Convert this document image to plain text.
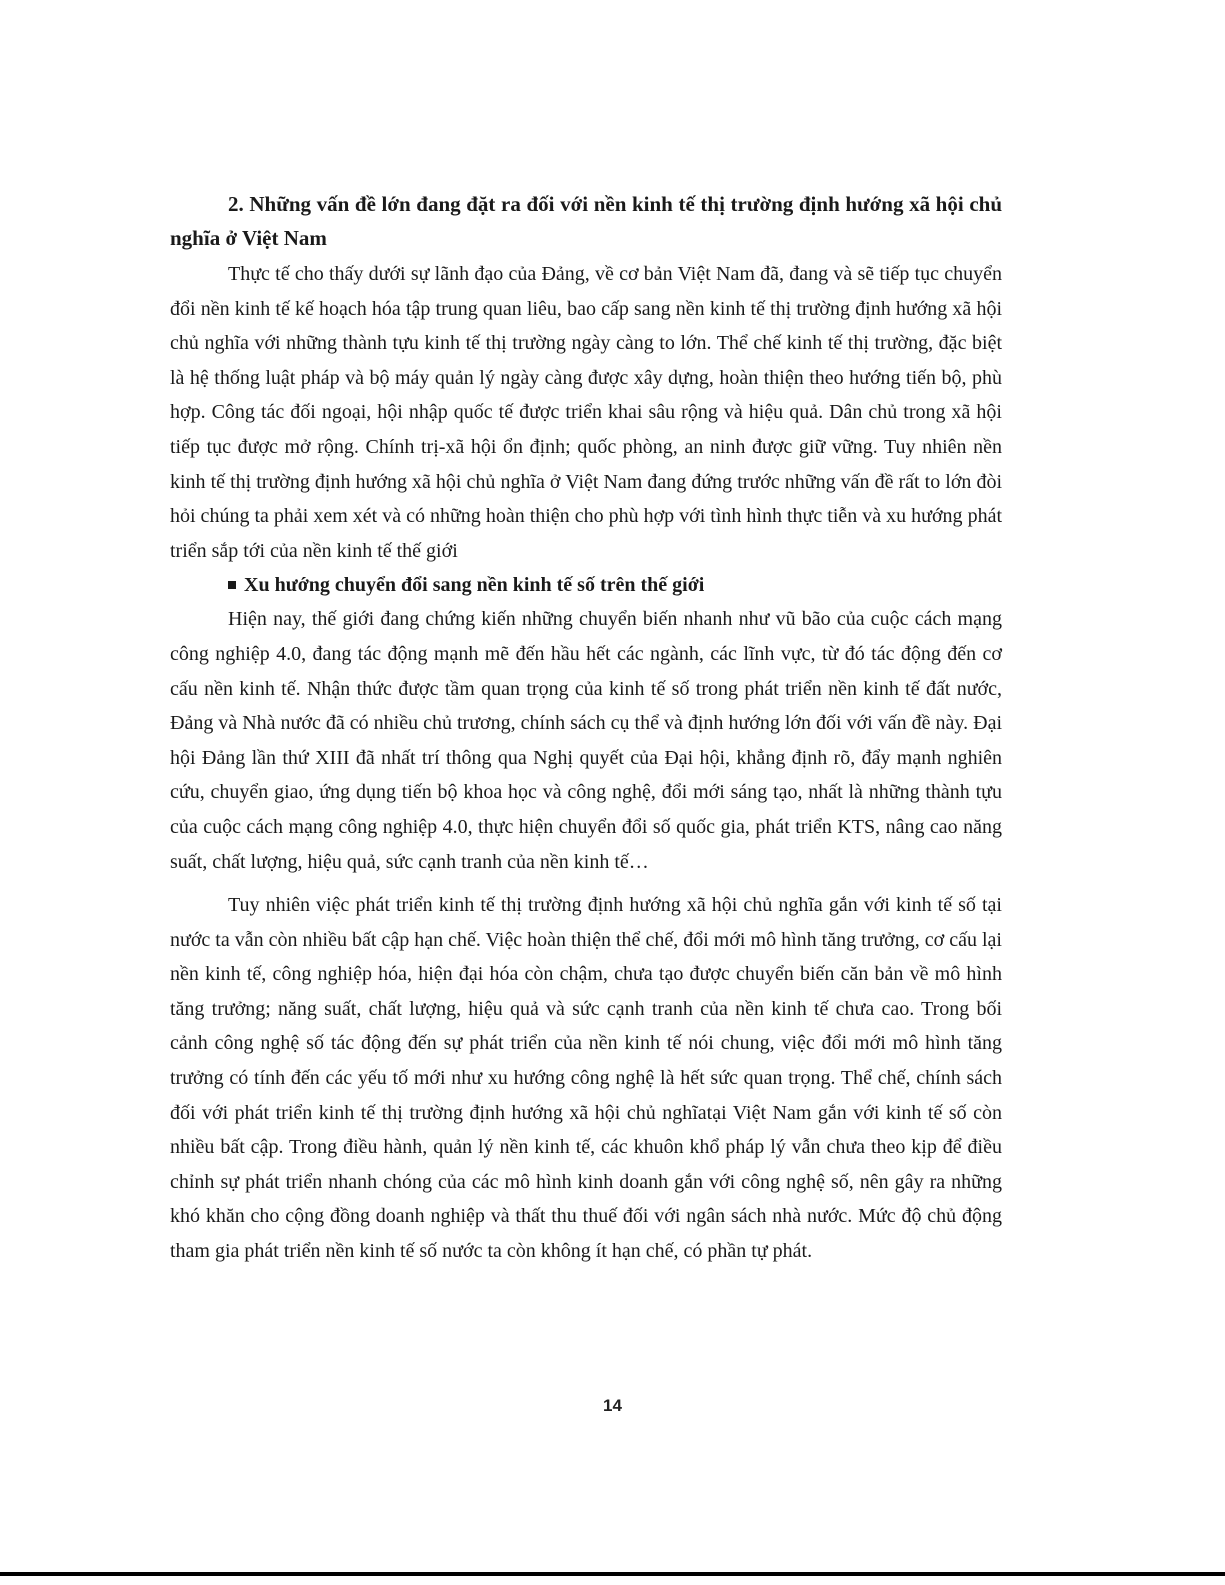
2. Những vấn đề lớn đang đặt ra đối với nền kinh tế thị trường định hướng xã hội chủ nghĩa ở Việt Nam

Thực tế cho thấy dưới sự lãnh đạo của Đảng, về cơ bản Việt Nam đã, đang và sẽ tiếp tục chuyển đổi nền kinh tế kế hoạch hóa tập trung quan liêu, bao cấp sang nền kinh tế thị trường định hướng xã hội chủ nghĩa với những thành tựu kinh tế thị trường ngày càng to lớn. Thể chế kinh tế thị trường, đặc biệt là hệ thống luật pháp và bộ máy quản lý ngày càng được xây dựng, hoàn thiện theo hướng tiến bộ, phù hợp. Công tác đối ngoại, hội nhập quốc tế được triển khai sâu rộng và hiệu quả. Dân chủ trong xã hội tiếp tục được mở rộng. Chính trị-xã hội ổn định; quốc phòng, an ninh được giữ vững. Tuy nhiên nền kinh tế thị trường định hướng xã hội chủ nghĩa ở Việt Nam đang đứng trước những vấn đề rất to lớn đòi hỏi chúng ta phải xem xét và có những hoàn thiện cho phù hợp với tình hình thực tiễn và xu hướng phát triển sắp tới của nền kinh tế thế giới

Xu hướng chuyển đổi sang nền kinh tế số trên thế giới

Hiện nay, thế giới đang chứng kiến những chuyển biến nhanh như vũ bão của cuộc cách mạng công nghiệp 4.0, đang tác động mạnh mẽ đến hầu hết các ngành, các lĩnh vực, từ đó tác động đến cơ cấu nền kinh tế. Nhận thức được tầm quan trọng của kinh tế số trong phát triển nền kinh tế đất nước, Đảng và Nhà nước đã có nhiều chủ trương, chính sách cụ thể và định hướng lớn đối với vấn đề này. Đại hội Đảng lần thứ XIII đã nhất trí thông qua Nghị quyết của Đại hội, khẳng định rõ, đẩy mạnh nghiên cứu, chuyển giao, ứng dụng tiến bộ khoa học và công nghệ, đổi mới sáng tạo, nhất là những thành tựu của cuộc cách mạng công nghiệp 4.0, thực hiện chuyển đổi số quốc gia, phát triển KTS, nâng cao năng suất, chất lượng, hiệu quả, sức cạnh tranh của nền kinh tế…

Tuy nhiên việc phát triển kinh tế thị trường định hướng xã hội chủ nghĩa gắn với kinh tế số tại nước ta vẫn còn nhiều bất cập hạn chế. Việc hoàn thiện thể chế, đổi mới mô hình tăng trưởng, cơ cấu lại nền kinh tế, công nghiệp hóa, hiện đại hóa còn chậm, chưa tạo được chuyển biến căn bản về mô hình tăng trưởng; năng suất, chất lượng, hiệu quả và sức cạnh tranh của nền kinh tế chưa cao. Trong bối cảnh công nghệ số tác động đến sự phát triển của nền kinh tế nói chung, việc đổi mới mô hình tăng trưởng có tính đến các yếu tố mới như xu hướng công nghệ là hết sức quan trọng. Thể chế, chính sách đối với phát triển kinh tế thị trường định hướng xã hội chủ nghĩatại Việt Nam gắn với kinh tế số còn nhiều bất cập. Trong điều hành, quản lý nền kinh tế, các khuôn khổ pháp lý vẫn chưa theo kịp để điều chỉnh sự phát triển nhanh chóng của các mô hình kinh doanh gắn với công nghệ số, nên gây ra những khó khăn cho cộng đồng doanh nghiệp và thất thu thuế đối với ngân sách nhà nước. Mức độ chủ động tham gia phát triển nền kinh tế số nước ta còn không ít hạn chế, có phần tự phát.

14
